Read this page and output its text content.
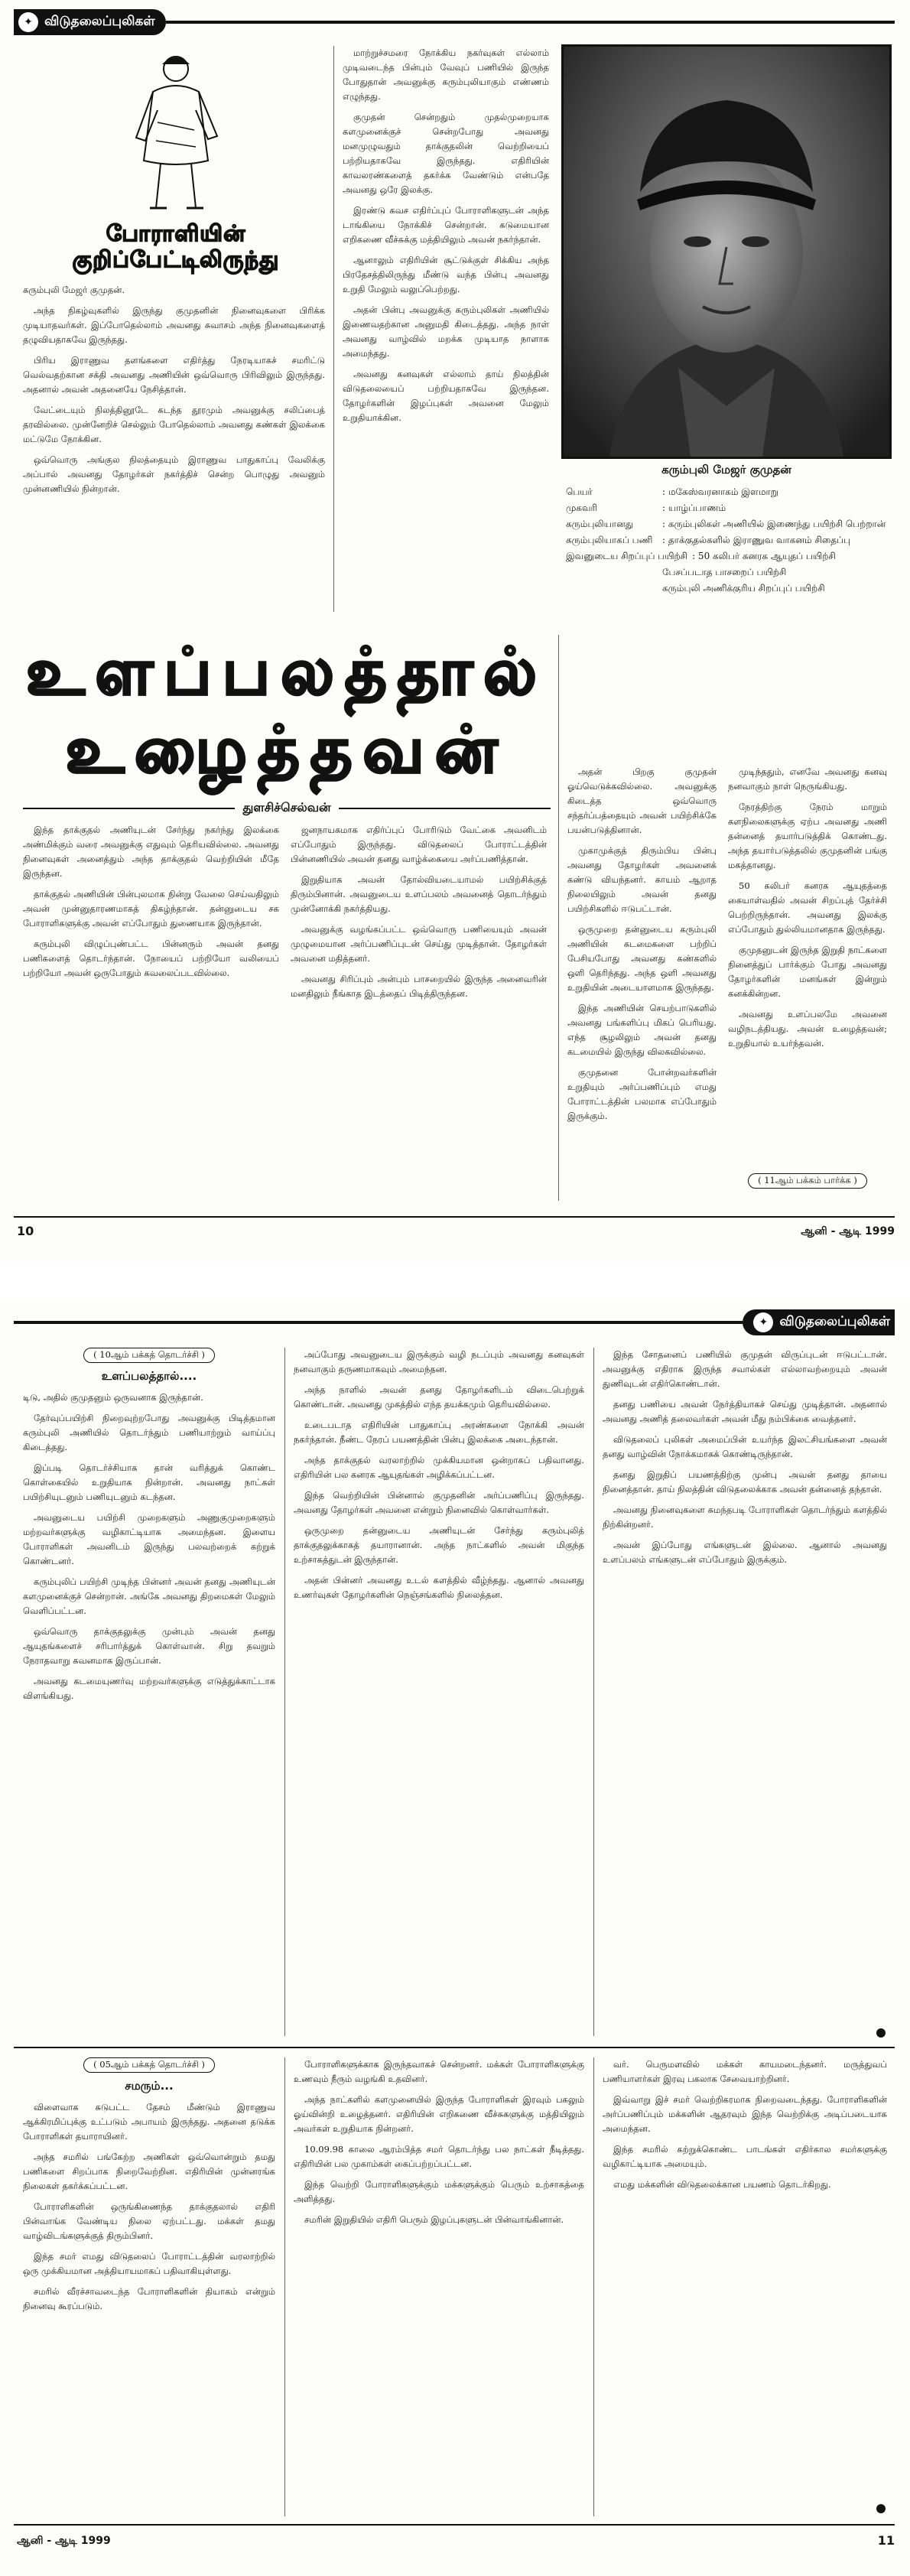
✦ விடுதலைப்புலிகள்
போராளியின்
குறிப்பேட்டிலிருந்து

கரும்புலி மேஜர் குமுதன்.

அந்த நிகழ்வுகளில் இருந்து குமுதனின் நினைவுகளை பிரிக்க முடியாதவர்கள். இப்போதெல்லாம் அவனது சுவாசம் அந்த நினைவுகளைத் தழுவியதாகவே இருந்தது.

பிரிய இராணுவ தளங்களை எதிர்த்து நேரடியாகச் சமரிட்டு வெல்வதற்கான சக்தி அவனது அணியின் ஒவ்வொரு பிரிவிலும் இருந்தது. அதனால் அவன் அதனையே நேசித்தான்.

வேட்டையும் நிலத்தினூடே கடந்த தூரமும் அவனுக்கு சலிப்பைத் தரவில்லை. முன்னேறிச் செல்லும் போதெல்லாம் அவனது கண்கள் இலக்கை மட்டுமே நோக்கின.

ஒவ்வொரு அங்குல நிலத்தையும் இராணுவ பாதுகாப்பு வேலிக்கு அப்பால் அவனது தோழர்கள் நகர்த்திச் சென்ற பொழுது அவனும் முன்னணியில் நின்றான்.

மாற்றுச்சமரை நோக்கிய நகர்வுகள் எல்லாம் முடிவடைந்த பின்பும் வேவுப் பணியில் இருந்த போதுதான் அவனுக்கு கரும்புலியாகும் எண்ணம் எழுந்தது.

குமுதன் சென்றதும் முதல்முறையாக களமுனைக்குச் சென்றபோது அவனது மனமுழுவதும் தாக்குதலின் வெற்றியைப் பற்றியதாகவே இருந்தது. எதிரியின் காவலரண்களைத் தகர்க்க வேண்டும் என்பதே அவனது ஒரே இலக்கு.

இரண்டு கவச எதிர்ப்புப் போராளிகளுடன் அந்த டாங்கியை நோக்கிச் சென்றான். கடுமையான எறிகணை வீச்சுக்கு மத்தியிலும் அவன் நகர்ந்தான்.

ஆனாலும் எதிரியின் சூட்டுக்குள் சிக்கிய அந்த பிரதேசத்திலிருந்து மீண்டு வந்த பின்பு அவனது உறுதி மேலும் வலுப்பெற்றது.

அதன் பின்பு அவனுக்கு கரும்புலிகள் அணியில் இணைவதற்கான அனுமதி கிடைத்தது. அந்த நாள் அவனது வாழ்வில் மறக்க முடியாத நாளாக அமைந்தது.

அவனது கனவுகள் எல்லாம் தாய் நிலத்தின் விடுதலையைப் பற்றியதாகவே இருந்தன. தோழர்களின் இழப்புகள் அவனை மேலும் உறுதியாக்கின.

கரும்புலி மேஜர் குமுதன்
பெயர்	: மகேஸ்வரனாகம் இளமாறு
முகவரி	: யாழ்ப்பாணம்
கரும்புலியானது	: கரும்புலிகள் அணியில் இணைந்து பயிற்சி பெற்றான்
கரும்புலியாகப் பணி	: தாக்குதல்களில் இராணுவ வாகனம் சிதைப்பு
இவனுடைய சிறப்புப் பயிற்சி : 50 கலிபர் கனரக ஆயுதப் பயிற்சி
பேசப்படாத பாசறைப் பயிற்சி
கரும்புலி அணிக்குரிய சிறப்புப் பயிற்சி
உளப்பலத்தால்
உழைத்தவன்
துளசிச்செல்வன்

இந்த தாக்குதல் அணியுடன் சேர்ந்து நகர்ந்து இலக்கை அண்மிக்கும் வரை அவனுக்கு எதுவும் தெரியவில்லை. அவனது நினைவுகள் அனைத்தும் அந்த தாக்குதல் வெற்றியின் மீதே இருந்தன.

தாக்குதல் அணியின் பின்புலமாக நின்று வேலை செய்வதிலும் அவன் முன்னுதாரணமாகத் திகழ்ந்தான். தன்னுடைய சக போராளிகளுக்கு அவன் எப்போதும் துணையாக இருந்தான்.

கரும்புலி விழுப்புண்பட்ட பின்னரும் அவன் தனது பணிகளைத் தொடர்ந்தான். நோயைப் பற்றியோ வலியைப் பற்றியோ அவன் ஒருபோதும் கவலைப்படவில்லை.

ஜனநாயகமாக எதிர்ப்புப் போரிடும் வேட்கை அவனிடம் எப்போதும் இருந்தது. விடுதலைப் போராட்டத்தின் பின்னணியில் அவன் தனது வாழ்க்கையை அர்ப்பணித்தான்.

இறுதியாக அவன் தோல்வியடையாமல் பயிற்சிக்குத் திரும்பினான். அவனுடைய உளப்பலம் அவனைத் தொடர்ந்தும் முன்னோக்கி நகர்த்தியது.

அவனுக்கு வழங்கப்பட்ட ஒவ்வொரு பணியையும் அவன் முழுமையான அர்ப்பணிப்புடன் செய்து முடித்தான். தோழர்கள் அவனை மதித்தனர்.

அவனது சிரிப்பும் அன்பும் பாசறையில் இருந்த அனைவரின் மனதிலும் நீங்காத இடத்தைப் பிடித்திருந்தன.

அதன் பிறகு குமுதன் ஓய்வெடுக்கவில்லை. அவனுக்கு கிடைத்த ஒவ்வொரு சந்தர்ப்பத்தையும் அவன் பயிற்சிக்கே பயன்படுத்தினான்.

முகாமுக்குத் திரும்பிய பின்பு அவனது தோழர்கள் அவனைக் கண்டு வியந்தனர். காயம் ஆறாத நிலையிலும் அவன் தனது பயிற்சிகளில் ஈடுபட்டான்.

ஒருமுறை தன்னுடைய கரும்புலி அணியின் கடமைகளை பற்றிப் பேசியபோது அவனது கண்களில் ஒளி தெரிந்தது. அந்த ஒளி அவனது உறுதியின் அடையாளமாக இருந்தது.

இந்த அணியின் செயற்பாடுகளில் அவனது பங்களிப்பு மிகப் பெரியது. எந்த சூழலிலும் அவன் தனது கடமையில் இருந்து விலகவில்லை.

குமுதனை போன்றவர்களின் உறுதியும் அர்ப்பணிப்பும் எமது போராட்டத்தின் பலமாக எப்போதும் இருக்கும்.

முடிந்ததும், எனவே அவனது கனவு நனவாகும் நாள் நெருங்கியது.

நேரத்திற்கு நேரம் மாறும் களநிலைகளுக்கு ஏற்ப அவனது அணி தன்னைத் தயார்படுத்திக் கொண்டது. அந்த தயார்படுத்தலில் குமுதனின் பங்கு மகத்தானது.

50 கலிபர் கனரக ஆயுதத்தை கையாள்வதில் அவன் சிறப்புத் தேர்ச்சி பெற்றிருந்தான். அவனது இலக்கு எப்போதும் துல்லியமானதாக இருந்தது.

குமுதனுடன் இருந்த இறுதி நாட்களை நினைத்துப் பார்க்கும் போது அவனது தோழர்களின் மனங்கள் இன்றும் கனக்கின்றன.

அவனது உளப்பலமே அவனை வழிநடத்தியது. அவன் உழைத்தவன்; உறுதியால் உயர்ந்தவன்.

( 11ஆம் பக்கம் பார்க்க )
10	ஆனி - ஆடி 1999
✦ விடுதலைப்புலிகள்
( 10ஆம் பக்கத் தொடர்ச்சி )
உளப்பலத்தால்....

டிடு, அதில் குமுதனும் ஒருவனாக இருந்தான்.

தேர்வுப்பயிற்சி நிறைவுற்றபோது அவனுக்கு பிடித்தமான கரும்புலி அணியில் தொடர்ந்தும் பணியாற்றும் வாய்ப்பு கிடைத்தது.

இப்படி தொடர்ச்சியாக தான் வரித்துக் கொண்ட கொள்கையில் உறுதியாக நின்றான். அவனது நாட்கள் பயிற்சியுடனும் பணியுடனும் கடந்தன.

அவனுடைய பயிற்சி முறைகளும் அணுகுமுறைகளும் மற்றவர்களுக்கு வழிகாட்டியாக அமைந்தன. இளைய போராளிகள் அவனிடம் இருந்து பலவற்றைக் கற்றுக் கொண்டனர்.

கரும்புலிப் பயிற்சி முடிந்த பின்னர் அவன் தனது அணியுடன் களமுனைக்குச் சென்றான். அங்கே அவனது திறமைகள் மேலும் வெளிப்பட்டன.

ஒவ்வொரு தாக்குதலுக்கு முன்பும் அவன் தனது ஆயுதங்களைச் சரிபார்த்துக் கொள்வான். சிறு தவறும் நேராதவாறு கவனமாக இருப்பான்.

அவனது கடமையுணர்வு மற்றவர்களுக்கு எடுத்துக்காட்டாக விளங்கியது.

அப்போது அவனுடைய இருக்கும் வழி நடப்பும் அவனது கனவுகள் நனவாகும் தருணமாகவும் அமைந்தன.

அந்த நாளில் அவன் தனது தோழர்களிடம் விடைபெற்றுக் கொண்டான். அவனது முகத்தில் எந்த தயக்கமும் தெரியவில்லை.

உடைபடாத எதிரியின் பாதுகாப்பு அரண்களை நோக்கி அவன் நகர்ந்தான். நீண்ட நேரப் பயணத்தின் பின்பு இலக்கை அடைந்தான்.

அந்த தாக்குதல் வரலாற்றில் முக்கியமான ஒன்றாகப் பதிவானது. எதிரியின் பல கனரக ஆயுதங்கள் அழிக்கப்பட்டன.

இந்த வெற்றியின் பின்னால் குமுதனின் அர்ப்பணிப்பு இருந்தது. அவனது தோழர்கள் அவனை என்றும் நினைவில் கொள்வார்கள்.

ஒருமுறை தன்னுடைய அணியுடன் சேர்ந்து கரும்புலித் தாக்குதலுக்காகத் தயாரானான். அந்த நாட்களில் அவன் மிகுந்த உற்சாகத்துடன் இருந்தான்.

அதன் பின்னர் அவனது உடல் களத்தில் வீழ்ந்தது. ஆனால் அவனது உணர்வுகள் தோழர்களின் நெஞ்சங்களில் நிலைத்தன.

இந்த சோதனைப் பணியில் குமுதன் விருப்புடன் ஈடுபட்டான். அவனுக்கு எதிராக இருந்த சவால்கள் எல்லாவற்றையும் அவன் துணிவுடன் எதிர்கொண்டான்.

தனது பணியை அவன் நேர்த்தியாகச் செய்து முடித்தான். அதனால் அவனது அணித் தலைவர்கள் அவன் மீது நம்பிக்கை வைத்தனர்.

விடுதலைப் புலிகள் அமைப்பின் உயர்ந்த இலட்சியங்களை அவன் தனது வாழ்வின் நோக்கமாகக் கொண்டிருந்தான்.

தனது இறுதிப் பயணத்திற்கு முன்பு அவன் தனது தாயை நினைத்தான். தாய் நிலத்தின் விடுதலைக்காக அவன் தன்னைத் தந்தான்.

அவனது நினைவுகளை சுமந்தபடி போராளிகள் தொடர்ந்தும் களத்தில் நிற்கின்றனர்.

அவன் இப்போது எங்களுடன் இல்லை. ஆனால் அவனது உளப்பலம் எங்களுடன் எப்போதும் இருக்கும்.

( 05ஆம் பக்கத் தொடர்ச்சி )
சமரும்...

விளைவாக சுடுபட்ட தேசம் மீண்டும் இராணுவ ஆக்கிரமிப்புக்கு உட்படும் அபாயம் இருந்தது. அதனை தடுக்க போராளிகள் தயாராயினர்.

அந்த சமரில் பங்கேற்ற அணிகள் ஒவ்வொன்றும் தமது பணிகளை சிறப்பாக நிறைவேற்றின. எதிரியின் முன்னரங்க நிலைகள் தகர்க்கப்பட்டன.

போராளிகளின் ஒருங்கிணைந்த தாக்குதலால் எதிரி பின்வாங்க வேண்டிய நிலை ஏற்பட்டது. மக்கள் தமது வாழ்விடங்களுக்குத் திரும்பினர்.

இந்த சமர் எமது விடுதலைப் போராட்டத்தின் வரலாற்றில் ஒரு முக்கியமான அத்தியாயமாகப் பதிவாகியுள்ளது.

சமரில் வீரச்சாவடைந்த போராளிகளின் தியாகம் என்றும் நினைவு கூரப்படும்.

போராளிகளுக்காக இருந்தவாகச் சென்றனர். மக்கள் போராளிகளுக்கு உணவும் நீரும் வழங்கி உதவினர்.

அந்த நாட்களில் களமுனையில் இருந்த போராளிகள் இரவும் பகலும் ஓய்வின்றி உழைத்தனர். எதிரியின் எறிகணை வீச்சுகளுக்கு மத்தியிலும் அவர்கள் உறுதியாக நின்றனர்.

10.09.98 காலை ஆரம்பித்த சமர் தொடர்ந்து பல நாட்கள் நீடித்தது. எதிரியின் பல முகாம்கள் கைப்பற்றப்பட்டன.

இந்த வெற்றி போராளிகளுக்கும் மக்களுக்கும் பெரும் உற்சாகத்தை அளித்தது.

சமரின் இறுதியில் எதிரி பெரும் இழப்புகளுடன் பின்வாங்கினான்.

வர். பெருமளவில் மக்கள் காயமடைந்தனர். மருத்துவப் பணியாளர்கள் இரவு பகலாக சேவையாற்றினர்.

இவ்வாறு இச் சமர் வெற்றிகரமாக நிறைவடைந்தது. போராளிகளின் அர்ப்பணிப்பும் மக்களின் ஆதரவும் இந்த வெற்றிக்கு அடிப்படையாக அமைந்தன.

இந்த சமரில் கற்றுக்கொண்ட பாடங்கள் எதிர்கால சமர்களுக்கு வழிகாட்டியாக அமையும்.

எமது மக்களின் விடுதலைக்கான பயணம் தொடர்கிறது.

ஆனி - ஆடி 1999	11
